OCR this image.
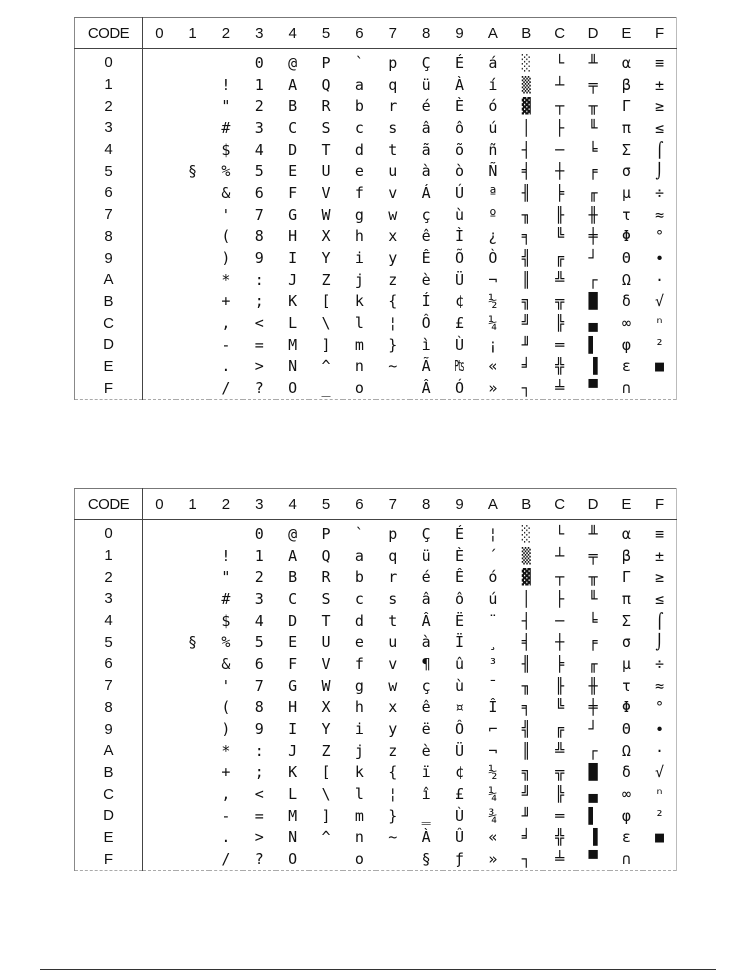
CODE	0	1	2	3	4	5	6	7	8	9	A	B	C	D	E	F
0				0	@	P	`	p	Ç	É	á	░	└	╨	α	≡
1			!	1	A	Q	a	q	ü	À	í	▒	┴	╤	β	±
2			"	2	B	R	b	r	é	È	ó	▓	┬	╥	Γ	≥
3			#	3	C	S	c	s	â	ô	ú	│	├	╙	π	≤
4			$	4	D	T	d	t	ã	õ	ñ	┤	─	╘	Σ	⌠
5		§	%	5	E	U	e	u	à	ò	Ñ	╡	┼	╒	σ	⌡
6			&	6	F	V	f	v	Á	Ú	ª	╢	╞	╓	µ	÷
7			'	7	G	W	g	w	ç	ù	º	╖	╟	╫	τ	≈
8			(	8	H	X	h	x	ê	Ì	¿	╕	╚	╪	Φ	°
9			)	9	I	Y	i	y	Ê	Õ	Ò	╣	╔	┘	Θ	∙
A			*	:	J	Z	j	z	è	Ü	¬	║	╩	┌	Ω	·
B			+	;	K	[	k	{	Í	¢	½	╗	╦	█	δ	√
C			,	<	L	\	l	¦	Ô	£	¼	╝	╠	▄	∞	ⁿ
D			-	=	M	]	m	}	ì	Ù	¡	╜	═	▌	φ	²
E			.	>	N	^	n	~	Ã	₧	«	╛	╬	▐	ε	■
F			/	?	O	_	o		Â	Ó	»	┐	╧	▀	∩	
CODE	0	1	2	3	4	5	6	7	8	9	A	B	C	D	E	F
0				0	@	P	`	p	Ç	É	¦	░	└	╨	α	≡
1			!	1	A	Q	a	q	ü	È	´	▒	┴	╤	β	±
2			"	2	B	R	b	r	é	Ê	ó	▓	┬	╥	Γ	≥
3			#	3	C	S	c	s	â	ô	ú	│	├	╙	π	≤
4			$	4	D	T	d	t	Â	Ë	¨	┤	─	╘	Σ	⌠
5		§	%	5	E	U	e	u	à	Ï	¸	╡	┼	╒	σ	⌡
6			&	6	F	V	f	v	¶	û	³	╢	╞	╓	µ	÷
7			'	7	G	W	g	w	ç	ù	¯	╖	╟	╫	τ	≈
8			(	8	H	X	h	x	ê	¤	Î	╕	╚	╪	Φ	°
9			)	9	I	Y	i	y	ë	Ô	⌐	╣	╔	┘	Θ	∙
A			*	:	J	Z	j	z	è	Ü	¬	║	╩	┌	Ω	·
B			+	;	K	[	k	{	ï	¢	½	╗	╦	█	δ	√
C			,	<	L	\	l	¦	î	£	¼	╝	╠	▄	∞	ⁿ
D			-	=	M	]	m	}	‗	Ù	¾	╜	═	▌	φ	²
E			.	>	N	^	n	~	À	Û	«	╛	╬	▐	ε	■
F			/	?	O		o		§	ƒ	»	┐	╧	▀	∩	
